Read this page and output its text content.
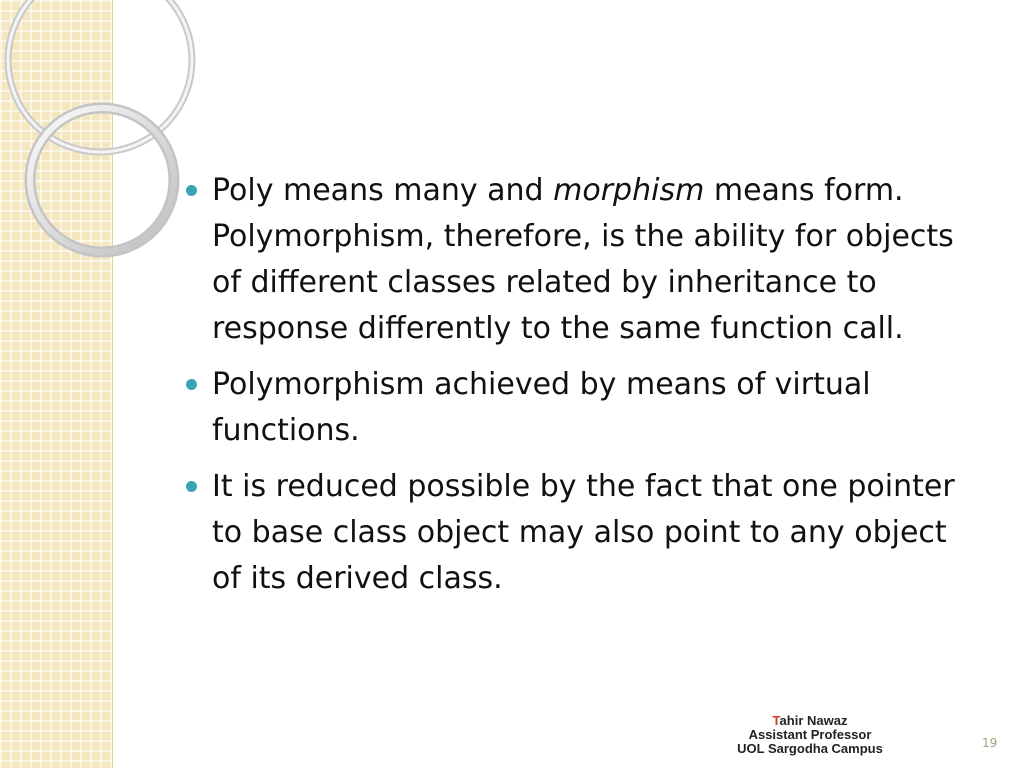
Poly means many and morphism means form. Polymorphism, therefore, is the ability for objects of different classes related by inheritance to response differently to the same function call.
Polymorphism achieved by means of virtual functions.
It is reduced possible by the fact that one pointer to base class object may also point to any object of its derived class.
Tahir Nawaz
Assistant Professor
UOL Sargodha Campus	19
